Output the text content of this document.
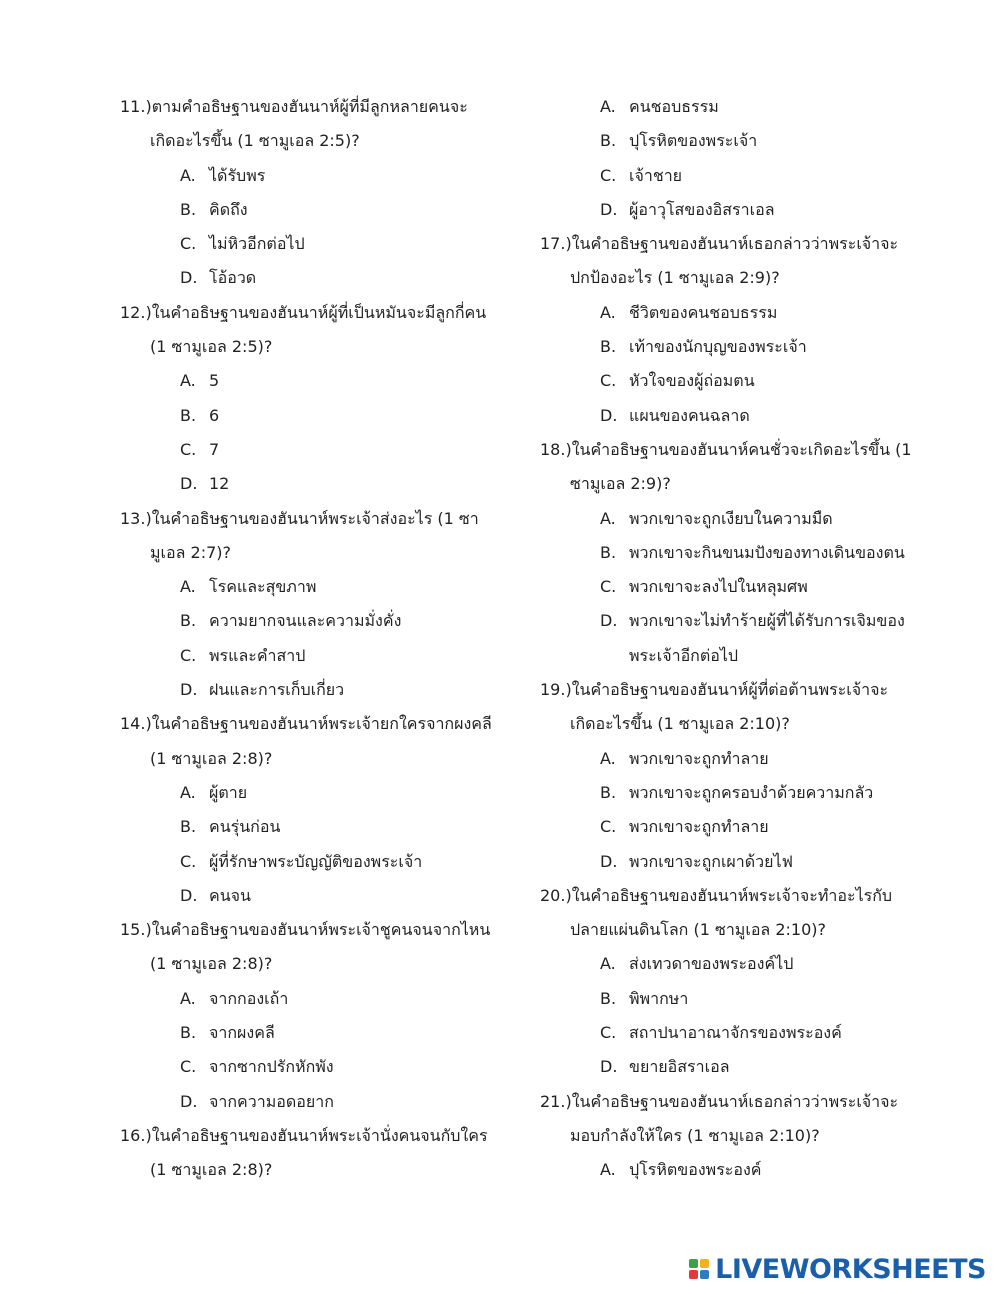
11.)ตามคำอธิษฐานของฮันนาห์ผู้ที่มีลูกหลายคนจะ
เกิดอะไรขึ้น (1 ซามูเอล 2:5)?
A. ได้รับพร
B. คิดถึง
C. ไม่หิวอีกต่อไป
D. โอ้อวด
12.)ในคำอธิษฐานของฮันนาห์ผู้ที่เป็นหมันจะมีลูกกี่คน
(1 ซามูเอล 2:5)?
A. 5
B. 6
C. 7
D. 12
13.)ในคำอธิษฐานของฮันนาห์พระเจ้าส่งอะไร (1 ซา
มูเอล 2:7)?
A. โรคและสุขภาพ
B. ความยากจนและความมั่งคั่ง
C. พรและคำสาป
D. ฝนและการเก็บเกี่ยว
14.)ในคำอธิษฐานของฮันนาห์พระเจ้ายกใครจากผงคลี
(1 ซามูเอล 2:8)?
A. ผู้ตาย
B. คนรุ่นก่อน
C. ผู้ที่รักษาพระบัญญัติของพระเจ้า
D. คนจน
15.)ในคำอธิษฐานของฮันนาห์พระเจ้าชูคนจนจากไหน
(1 ซามูเอล 2:8)?
A. จากกองเถ้า
B. จากผงคลี
C. จากซากปรักหักพัง
D. จากความอดอยาก
16.)ในคำอธิษฐานของฮันนาห์พระเจ้านั่งคนจนกับใคร
(1 ซามูเอล 2:8)?
A. คนชอบธรรม
B. ปุโรหิตของพระเจ้า
C. เจ้าชาย
D. ผู้อาวุโสของอิสราเอล
17.)ในคำอธิษฐานของฮันนาห์เธอกล่าวว่าพระเจ้าจะ
ปกป้องอะไร (1 ซามูเอล 2:9)?
A. ชีวิตของคนชอบธรรม
B. เท้าของนักบุญของพระเจ้า
C. หัวใจของผู้ถ่อมตน
D. แผนของคนฉลาด
18.)ในคำอธิษฐานของฮันนาห์คนชั่วจะเกิดอะไรขึ้น (1
ซามูเอล 2:9)?
A. พวกเขาจะถูกเงียบในความมืด
B. พวกเขาจะกินขนมปังของทางเดินของตน
C. พวกเขาจะลงไปในหลุมศพ
D. พวกเขาจะไม่ทำร้ายผู้ที่ได้รับการเจิมของ
พระเจ้าอีกต่อไป
19.)ในคำอธิษฐานของฮันนาห์ผู้ที่ต่อต้านพระเจ้าจะ
เกิดอะไรขึ้น (1 ซามูเอล 2:10)?
A. พวกเขาจะถูกทำลาย
B. พวกเขาจะถูกครอบงำด้วยความกลัว
C. พวกเขาจะถูกทำลาย
D. พวกเขาจะถูกเผาด้วยไฟ
20.)ในคำอธิษฐานของฮันนาห์พระเจ้าจะทำอะไรกับ
ปลายแผ่นดินโลก (1 ซามูเอล 2:10)?
A. ส่งเทวดาของพระองค์ไป
B. พิพากษา
C. สถาปนาอาณาจักรของพระองค์
D. ขยายอิสราเอล
21.)ในคำอธิษฐานของฮันนาห์เธอกล่าวว่าพระเจ้าจะ
มอบกำลังให้ใคร (1 ซามูเอล 2:10)?
A. ปุโรหิตของพระองค์
LIVEWORKSHEETS
